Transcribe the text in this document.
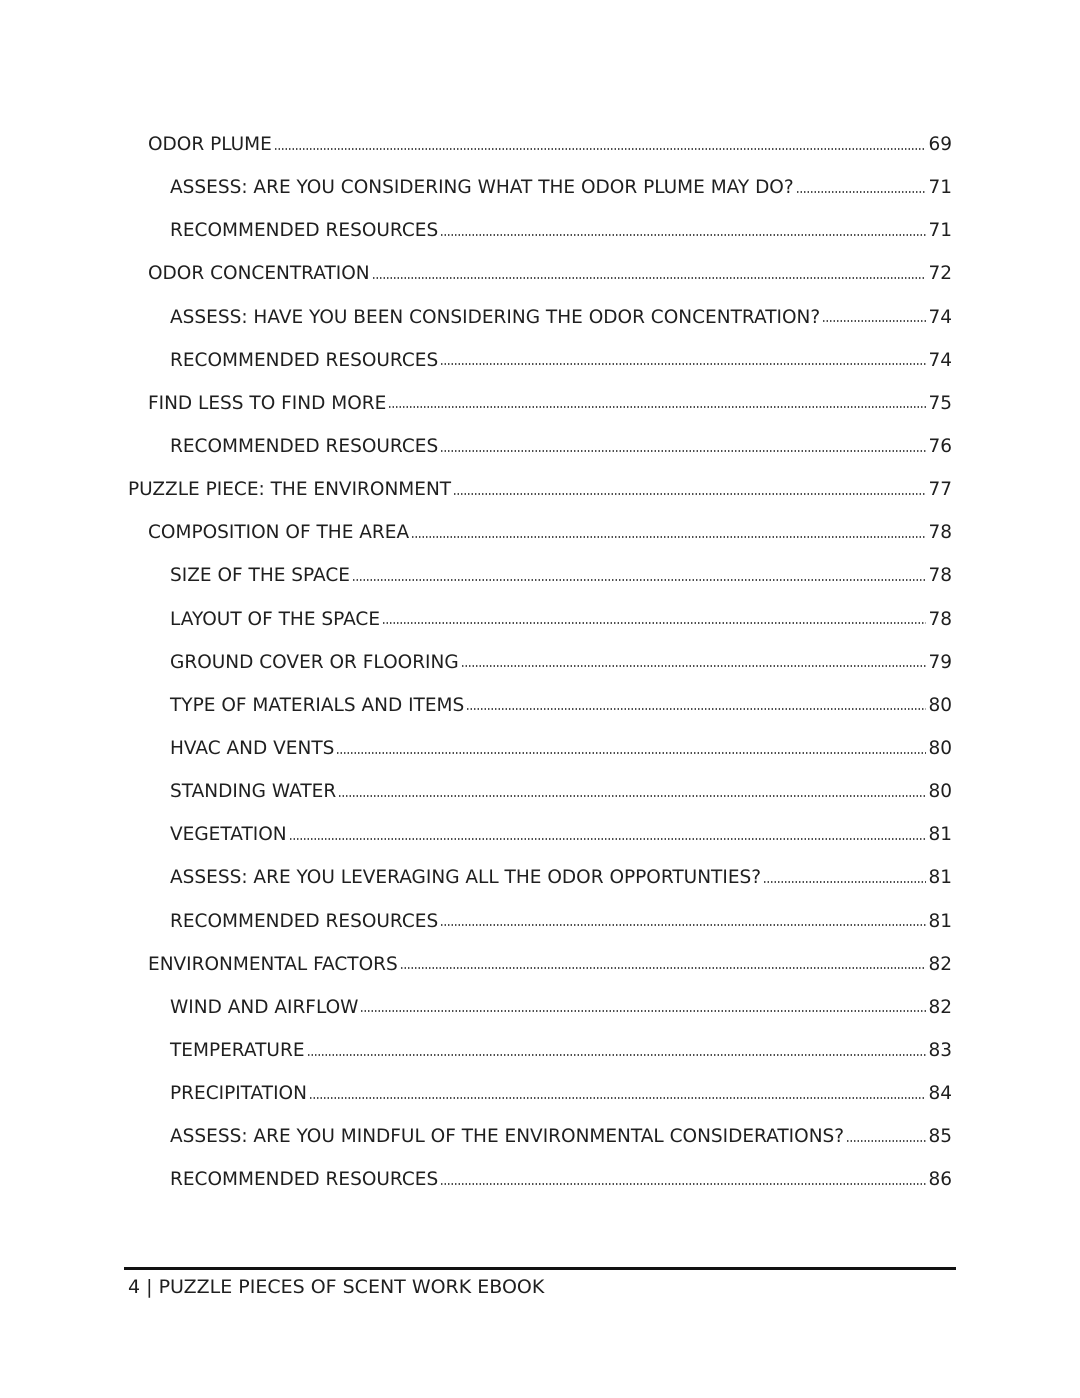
ODOR PLUME	69
ASSESS: ARE YOU CONSIDERING WHAT THE ODOR PLUME MAY DO?	71
RECOMMENDED RESOURCES	71
ODOR CONCENTRATION	72
ASSESS: HAVE YOU BEEN CONSIDERING THE ODOR CONCENTRATION?	74
RECOMMENDED RESOURCES	74
FIND LESS TO FIND MORE	75
RECOMMENDED RESOURCES	76
PUZZLE PIECE: THE ENVIRONMENT	77
COMPOSITION OF THE AREA	78
SIZE OF THE SPACE	78
LAYOUT OF THE SPACE	78
GROUND COVER OR FLOORING	79
TYPE OF MATERIALS AND ITEMS	80
HVAC AND VENTS	80
STANDING WATER	80
VEGETATION	81
ASSESS: ARE YOU LEVERAGING ALL THE ODOR OPPORTUNTIES?	81
RECOMMENDED RESOURCES	81
ENVIRONMENTAL FACTORS	82
WIND AND AIRFLOW	82
TEMPERATURE	83
PRECIPITATION	84
ASSESS: ARE YOU MINDFUL OF THE ENVIRONMENTAL CONSIDERATIONS?	85
RECOMMENDED RESOURCES	86
4 | PUZZLE PIECES OF SCENT WORK EBOOK
